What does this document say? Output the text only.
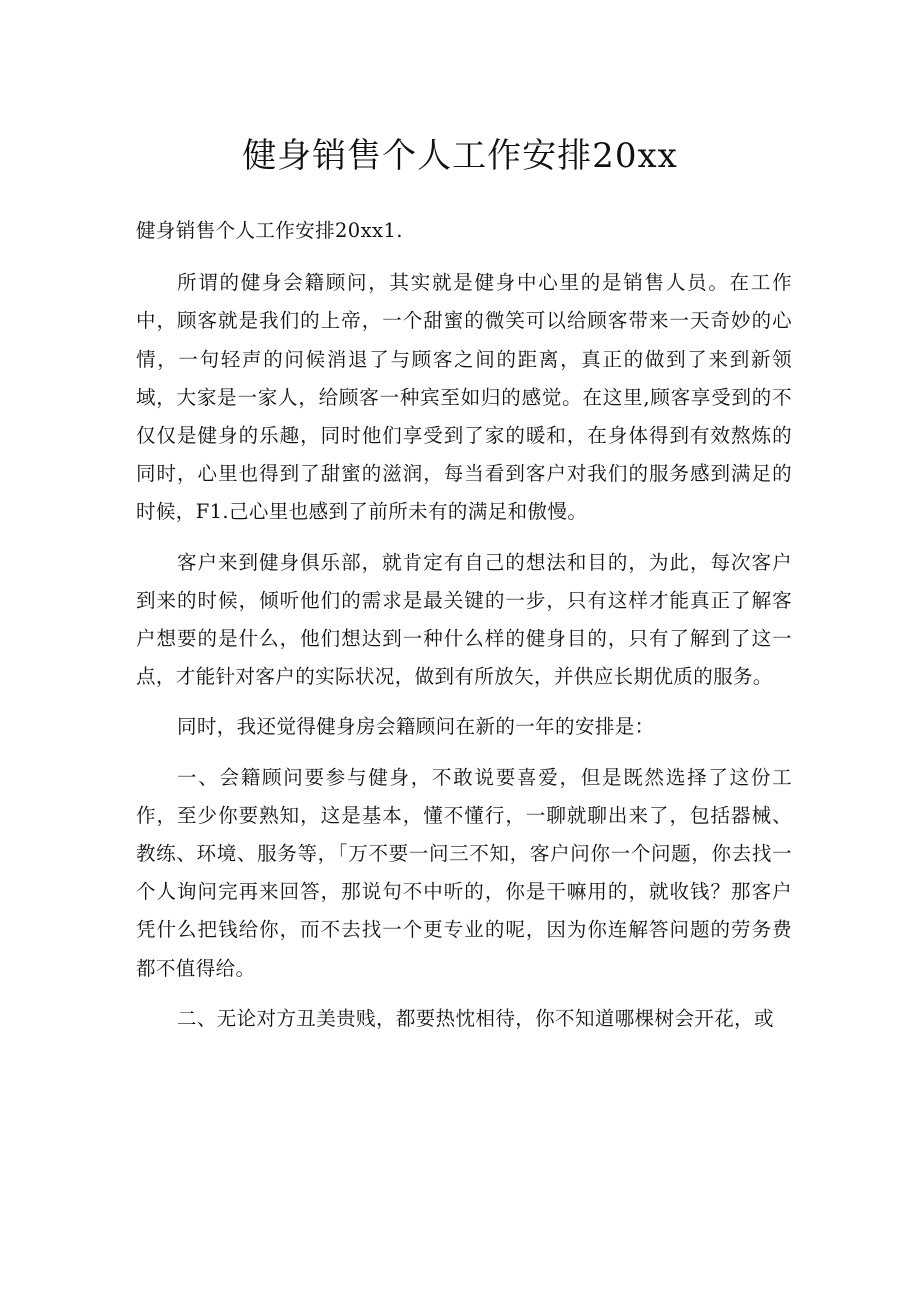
健身销售个人工作安排20xx

健身销售个人工作安排20xx1.

所谓的健身会籍顾问，其实就是健身中心里的是销售人员。在工作中，顾客就是我们的上帝，一个甜蜜的微笑可以给顾客带来一天奇妙的心情，一句轻声的问候消退了与顾客之间的距离，真正的做到了来到新领域，大家是一家人，给顾客一种宾至如归的感觉。在这里,顾客享受到的不仅仅是健身的乐趣，同时他们享受到了家的暖和，在身体得到有效熬炼的同时，心里也得到了甜蜜的滋润，每当看到客户对我们的服务感到满足的时候，F1.己心里也感到了前所未有的满足和傲慢。

客户来到健身俱乐部，就肯定有自己的想法和目的，为此，每次客户到来的时候，倾听他们的需求是最关键的一步，只有这样才能真正了解客户想要的是什么，他们想达到一种什么样的健身目的，只有了解到了这一点，才能针对客户的实际状况，做到有所放矢，并供应长期优质的服务。

同时，我还觉得健身房会籍顾问在新的一年的安排是：

一、会籍顾问要参与健身，不敢说要喜爱，但是既然选择了这份工作，至少你要熟知，这是基本，懂不懂行，一聊就聊出来了，包括器械、教练、环境、服务等，「万不要一问三不知，客户问你一个问题，你去找一个人询问完再来回答，那说句不中听的，你是干嘛用的，就收钱？那客户凭什么把钱给你，而不去找一个更专业的呢，因为你连解答问题的劳务费都不值得给。

二、无论对方丑美贵贱，都要热忱相待，你不知道哪棵树会开花，或
